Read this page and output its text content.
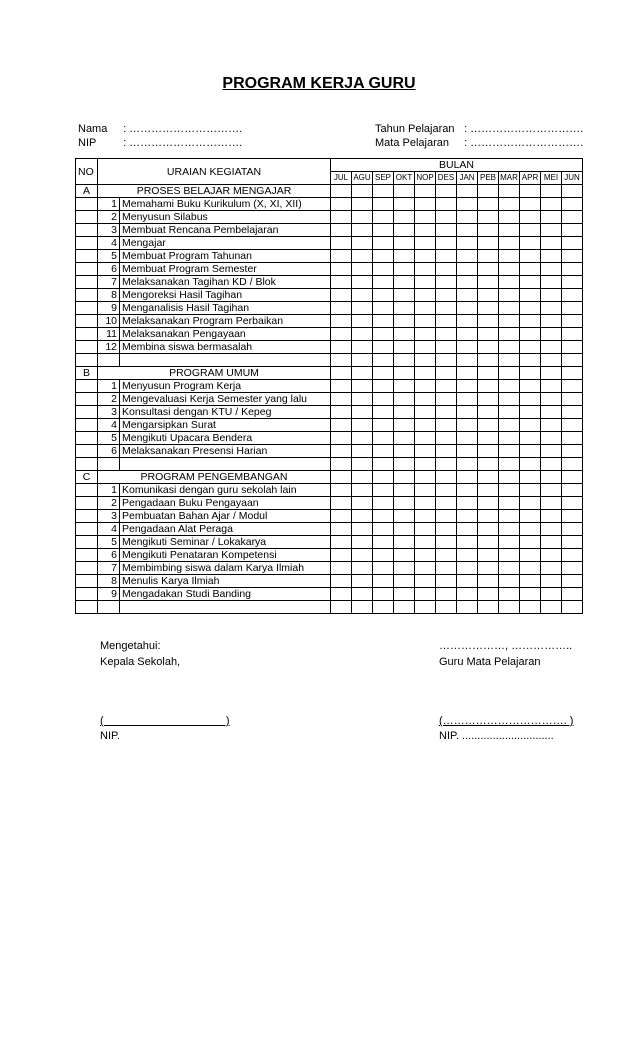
PROGRAM KERJA GURU
Nama : ………………………….
NIP : ………………………….
Tahun Pelajaran : ………………………….
Mata Pelajaran : ………………………….
NO	URAIAN KEGIATAN		BULAN											
			JUL	AGU	SEP	OKT	NOP	DES	JAN	PEB	MAR	APR	MEI	JUN
A	PROSES BELAJAR MENGAJAR													
	1	Memahami Buku Kurikulum (X, XI, XII)												
	2	Menyusun Silabus												
	3	Membuat Rencana Pembelajaran												
	4	Mengajar												
	5	Membuat Program Tahunan												
	6	Membuat Program Semester												
	7	Melaksanakan Tagihan KD / Blok												
	8	Mengoreksi Hasil Tagihan												
	9	Menganalisis Hasil Tagihan												
	10	Melaksanakan Program Perbaikan												
	11	Melaksanakan Pengayaan												
	12	Membina siswa bermasalah												

B	PROGRAM UMUM													
	1	Menyusun Program Kerja												
	2	Mengevaluasi Kerja Semester yang lalu												
	3	Konsultasi dengan KTU / Kepeg												
	4	Mengarsipkan Surat												
	5	Mengikuti Upacara Bendera												
	6	Melaksanakan Presensi Harian												

C	PROGRAM PENGEMBANGAN													
	1	Komunikasi dengan guru sekolah lain												
	2	Pengadaan Buku Pengayaan												
	3	Pembuatan Bahan Ajar / Modul												
	4	Pengadaan Alat Peraga												
	5	Mengikuti Seminar / Lokakarya												
	6	Mengikuti Penataran Kompetensi												
	7	Membimbing siswa dalam Karya Ilmiah												
	8	Menulis Karya Ilmiah												
	9	Mengadakan Studi Banding												

Mengetahui:
Kepala Sekolah,
(                                        )
NIP.
………………, ……………..
Guru Mata Pelajaran
(……………………………. )
NIP. ..............................
